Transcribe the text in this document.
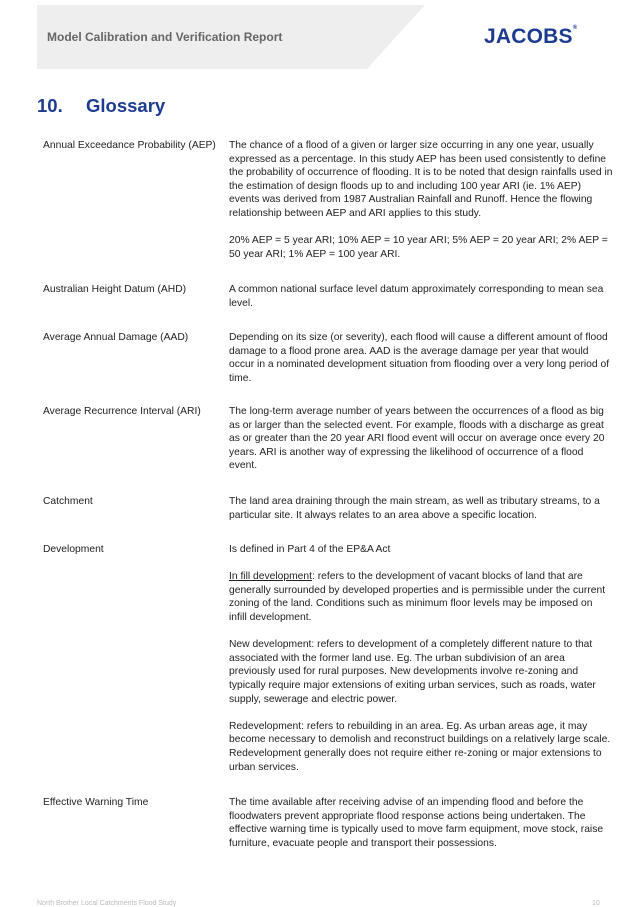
Model Calibration and Verification Report	JACOBS®
10. Glossary
Annual Exceedance Probability (AEP)	The chance of a flood of a given or larger size occurring in any one year, usually expressed as a percentage. In this study AEP has been used consistently to define the probability of occurrence of flooding. It is to be noted that design rainfalls used in the estimation of design floods up to and including 100 year ARI (ie. 1% AEP) events was derived from 1987 Australian Rainfall and Runoff. Hence the flowing relationship between AEP and ARI applies to this study.

20% AEP = 5 year ARI; 10% AEP = 10 year ARI; 5% AEP = 20 year ARI; 2% AEP = 50 year ARI; 1% AEP = 100 year ARI.

Australian Height Datum (AHD)	A common national surface level datum approximately corresponding to mean sea level.

Average Annual Damage (AAD)	Depending on its size (or severity), each flood will cause a different amount of flood damage to a flood prone area. AAD is the average damage per year that would occur in a nominated development situation from flooding over a very long period of time.

Average Recurrence Interval (ARI)	The long-term average number of years between the occurrences of a flood as big as or larger than the selected event. For example, floods with a discharge as great as or greater than the 20 year ARI flood event will occur on average once every 20 years. ARI is another way of expressing the likelihood of occurrence of a flood event.

Catchment	The land area draining through the main stream, as well as tributary streams, to a particular site. It always relates to an area above a specific location.

Development	Is defined in Part 4 of the EP&A Act

In fill development: refers to the development of vacant blocks of land that are generally surrounded by developed properties and is permissible under the current zoning of the land. Conditions such as minimum floor levels may be imposed on infill development.

New development: refers to development of a completely different nature to that associated with the former land use. Eg. The urban subdivision of an area previously used for rural purposes. New developments involve re-zoning and typically require major extensions of exiting urban services, such as roads, water supply, sewerage and electric power.

Redevelopment: refers to rebuilding in an area. Eg. As urban areas age, it may become necessary to demolish and reconstruct buildings on a relatively large scale. Redevelopment generally does not require either re-zoning or major extensions to urban services.

Effective Warning Time	The time available after receiving advise of an impending flood and before the floodwaters prevent appropriate flood response actions being undertaken. The effective warning time is typically used to move farm equipment, move stock, raise furniture, evacuate people and transport their possessions.

North Brother Local Catchments Flood Study	10
